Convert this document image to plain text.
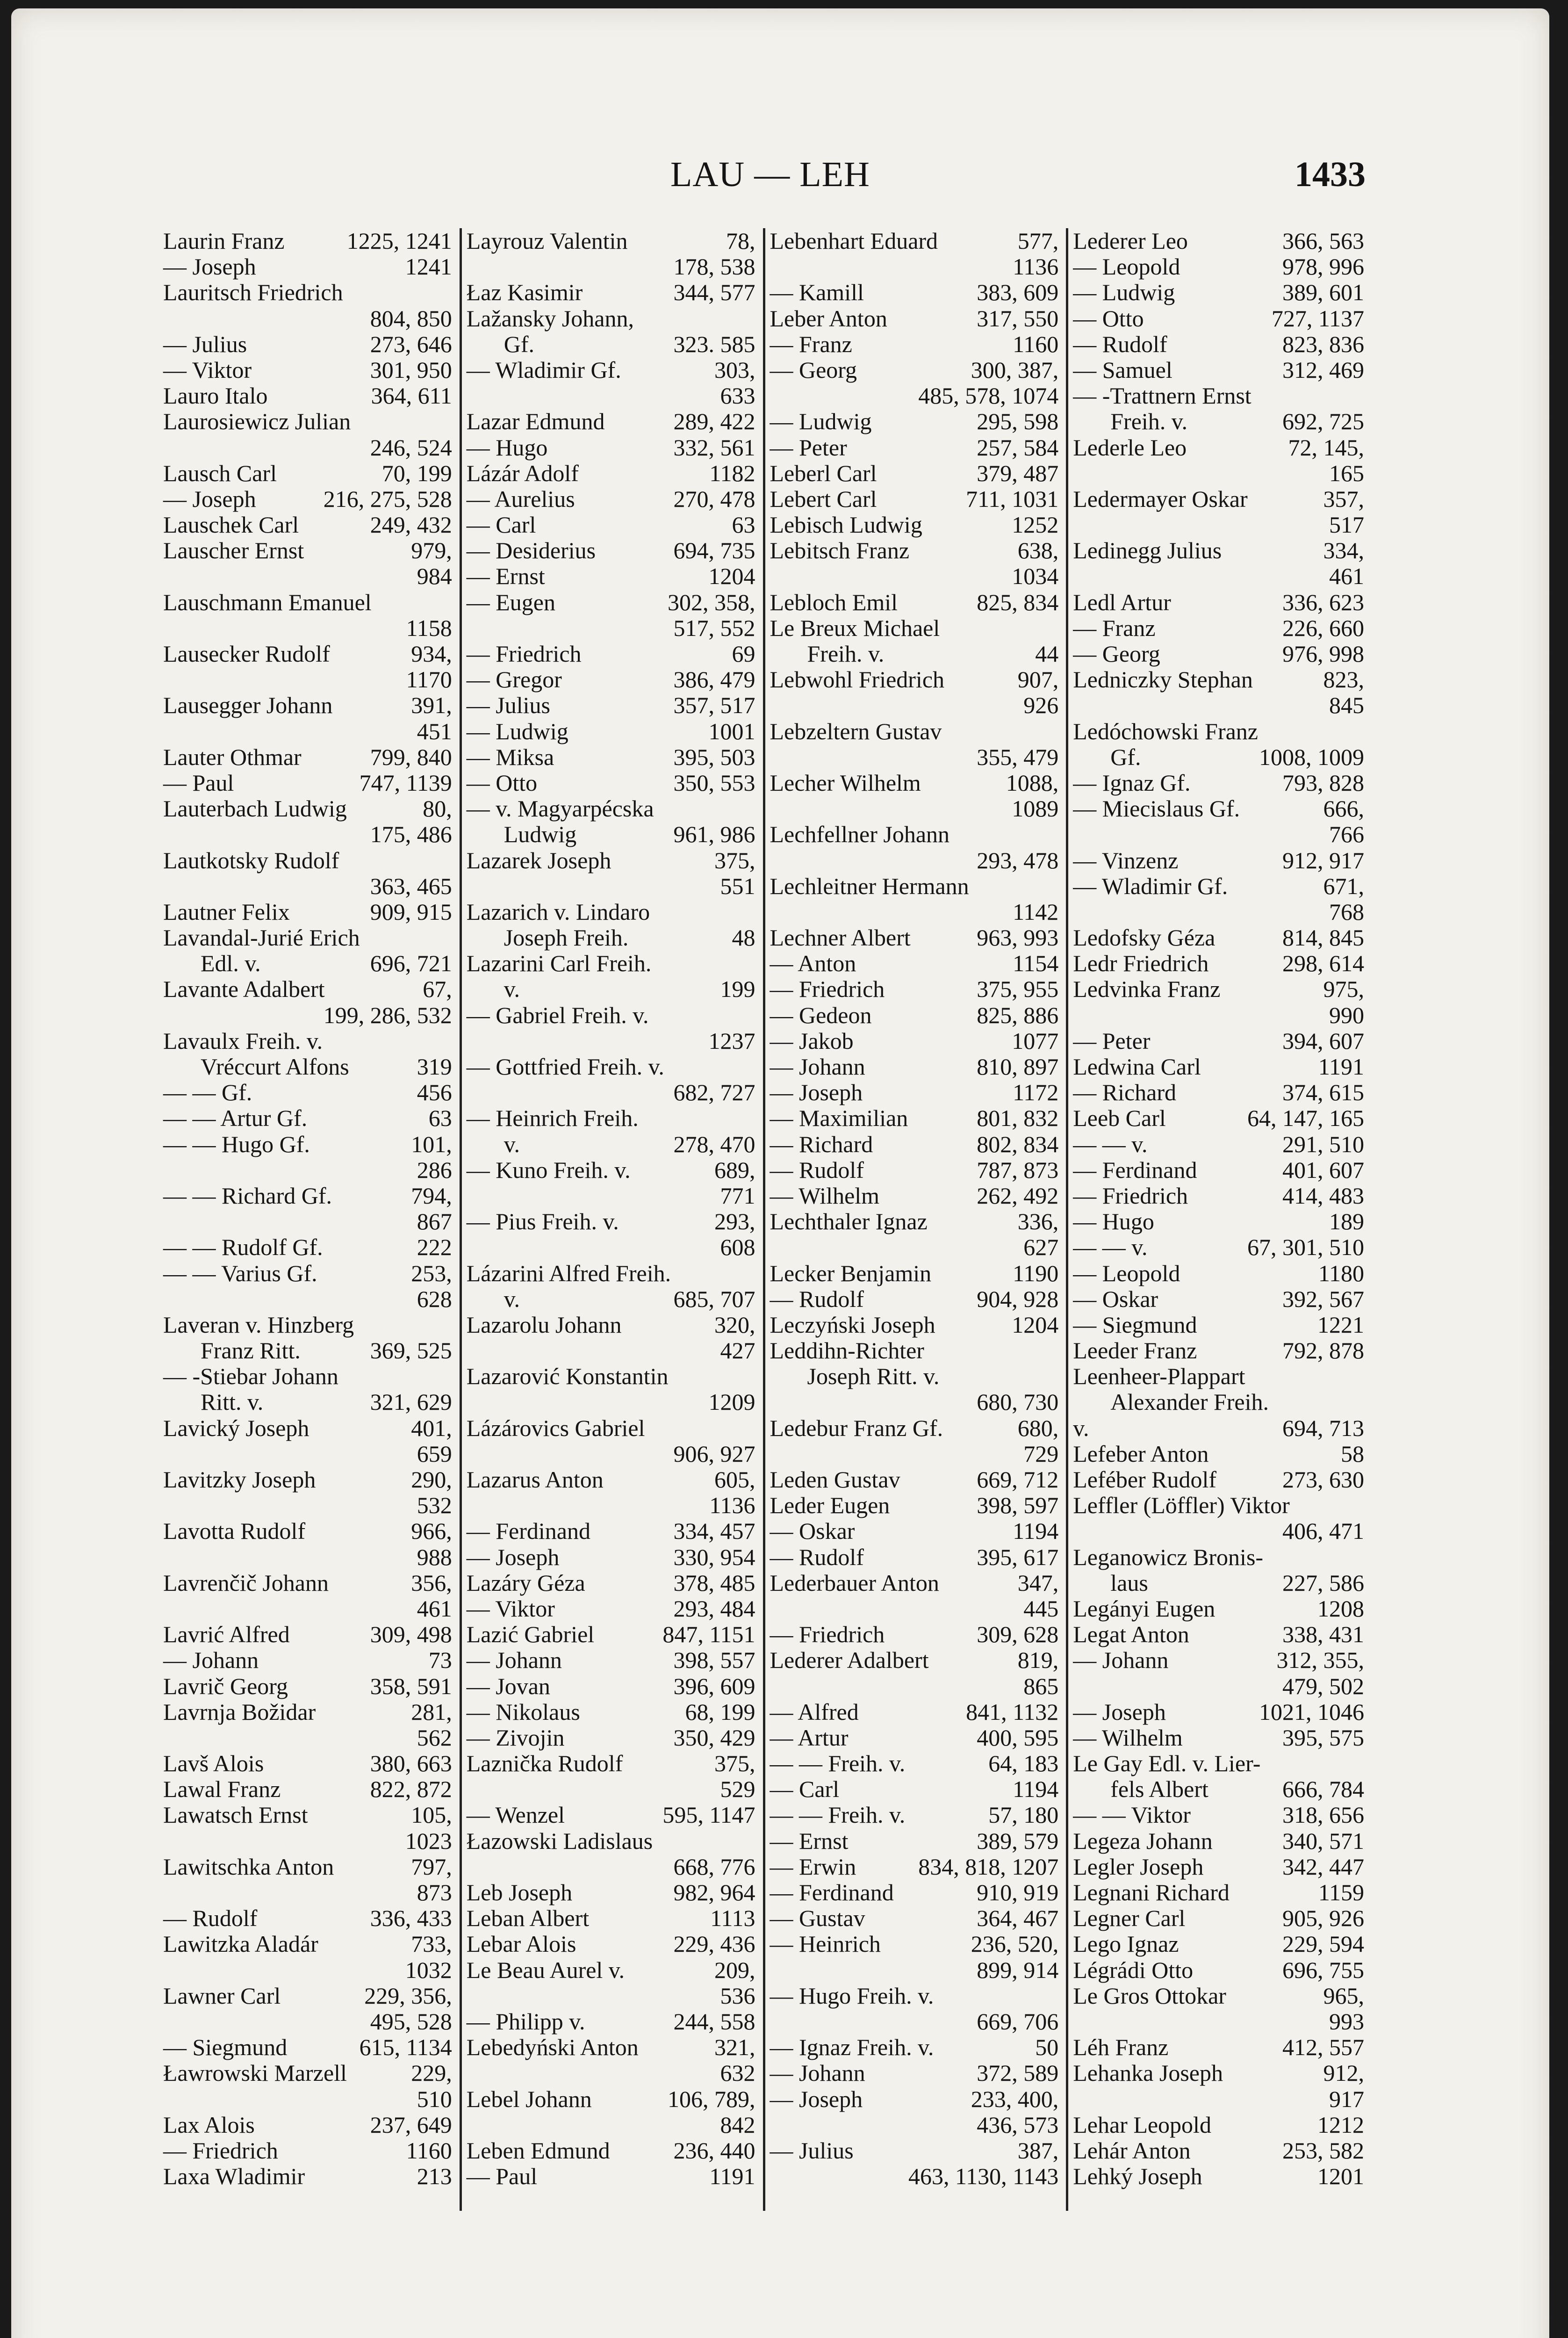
LAU — LEH	1433
Laurin Franz	1225, 1241
— Joseph	1241
Lauritsch Friedrich
804, 850
— Julius	273, 646
— Viktor	301, 950
Lauro Italo	364, 611
Laurosiewicz Julian
246, 524
Lausch Carl	70, 199
— Joseph	216, 275, 528
Lauschek Carl	249, 432
Lauscher Ernst	979,
984
Lauschmann Emanuel
1158
Lausecker Rudolf	934,
1170
Lausegger Johann	391,
451
Lauter Othmar	799, 840
— Paul	747, 1139
Lauterbach Ludwig	80,
175, 486
Lautkotsky Rudolf
363, 465
Lautner Felix	909, 915
Lavandal-Jurié Erich
Edl. v.	696, 721
Lavante Adalbert	67,
199, 286, 532
Lavaulx Freih. v.
Vréccurt Alfons	319
— — Gf.	456
— — Artur Gf.	63
— — Hugo Gf.	101,
286
— — Richard Gf.	794,
867
— — Rudolf Gf.	222
— — Varius Gf.	253,
628
Laveran v. Hinzberg
Franz Ritt.	369, 525
— -Stiebar Johann
Ritt. v.	321, 629
Lavický Joseph	401,
659
Lavitzky Joseph	290,
532
Lavotta Rudolf	966,
988
Lavrenčič Johann	356,
461
Lavrić Alfred	309, 498
— Johann	73
Lavrič Georg	358, 591
Lavrnja Božidar	281,
562
Lavš Alois	380, 663
Lawal Franz	822, 872
Lawatsch Ernst	105,
1023
Lawitschka Anton	797,
873
— Rudolf	336, 433
Lawitzka Aladár	733,
1032
Lawner Carl	229, 356,
495, 528
— Siegmund	615, 1134
Ławrowski Marzell	229,
510
Lax Alois	237, 649
— Friedrich	1160
Laxa Wladimir	213
Layrouz Valentin	78,
178, 538
Łaz Kasimir	344, 577
Lažansky Johann,
Gf.	323. 585
— Wladimir Gf.	303,
633
Lazar Edmund	289, 422
— Hugo	332, 561
Lázár Adolf	1182
— Aurelius	270, 478
— Carl	63
— Desiderius	694, 735
— Ernst	1204
— Eugen	302, 358,
517, 552
— Friedrich	69
— Gregor	386, 479
— Julius	357, 517
— Ludwig	1001
— Miksa	395, 503
— Otto	350, 553
— v. Magyarpécska
Ludwig	961, 986
Lazarek Joseph	375,
551
Lazarich v. Lindaro
Joseph Freih.	48
Lazarini Carl Freih.
v.	199
— Gabriel Freih. v.
1237
— Gottfried Freih. v.
682, 727
— Heinrich Freih.
v.	278, 470
— Kuno Freih. v.	689,
771
— Pius Freih. v.	293,
608
Lázarini Alfred Freih.
v.	685, 707
Lazarolu Johann	320,
427
Lazarović Konstantin
1209
Lázárovics Gabriel
906, 927
Lazarus Anton	605,
1136
— Ferdinand	334, 457
— Joseph	330, 954
Lazáry Géza	378, 485
— Viktor	293, 484
Lazić Gabriel	847, 1151
— Johann	398, 557
— Jovan	396, 609
— Nikolaus	68, 199
— Zivojin	350, 429
Laznička Rudolf	375,
529
— Wenzel	595, 1147
Łazowski Ladislaus
668, 776
Leb Joseph	982, 964
Leban Albert	1113
Lebar Alois	229, 436
Le Beau Aurel v.	209,
536
— Philipp v.	244, 558
Lebedyński Anton	321,
632
Lebel Johann	106, 789,
842
Leben Edmund	236, 440
— Paul	1191
Lebenhart Eduard	577,
1136
— Kamill	383, 609
Leber Anton	317, 550
— Franz	1160
— Georg	300, 387,
485, 578, 1074
— Ludwig	295, 598
— Peter	257, 584
Leberl Carl	379, 487
Lebert Carl	711, 1031
Lebisch Ludwig	1252
Lebitsch Franz	638,
1034
Lebloch Emil	825, 834
Le Breux Michael
Freih. v.	44
Lebwohl Friedrich	907,
926
Lebzeltern Gustav
355, 479
Lecher Wilhelm	1088,
1089
Lechfellner Johann
293, 478
Lechleitner Hermann
1142
Lechner Albert	963, 993
— Anton	1154
— Friedrich	375, 955
— Gedeon	825, 886
— Jakob	1077
— Johann	810, 897
— Joseph	1172
— Maximilian	801, 832
— Richard	802, 834
— Rudolf	787, 873
— Wilhelm	262, 492
Lechthaler Ignaz	336,
627
Lecker Benjamin	1190
— Rudolf	904, 928
Leczyński Joseph	1204
Leddihn-Richter
Joseph Ritt. v.
680, 730
Ledebur Franz Gf.	680,
729
Leden Gustav	669, 712
Leder Eugen	398, 597
— Oskar	1194
— Rudolf	395, 617
Lederbauer Anton	347,
445
— Friedrich	309, 628
Lederer Adalbert	819,
865
— Alfred	841, 1132
— Artur	400, 595
— — Freih. v.	64, 183
— Carl	1194
— — Freih. v.	57, 180
— Ernst	389, 579
— Erwin	834, 818, 1207
— Ferdinand	910, 919
— Gustav	364, 467
— Heinrich	236, 520,
899, 914
— Hugo Freih. v.
669, 706
— Ignaz Freih. v.	50
— Johann	372, 589
— Joseph	233, 400,
436, 573
— Julius	387,
463, 1130, 1143
Lederer Leo	366, 563
— Leopold	978, 996
— Ludwig	389, 601
— Otto	727, 1137
— Rudolf	823, 836
— Samuel	312, 469
— -Trattnern Ernst
Freih. v.	692, 725
Lederle Leo	72, 145,
165
Ledermayer Oskar	357,
517
Ledinegg Julius	334,
461
Ledl Artur	336, 623
— Franz	226, 660
— Georg	976, 998
Ledniczky Stephan	823,
845
Ledóchowski Franz
Gf.	1008, 1009
— Ignaz Gf.	793, 828
— Miecislaus Gf.	666,
766
— Vinzenz	912, 917
— Wladimir Gf.	671,
768
Ledofsky Géza	814, 845
Ledr Friedrich	298, 614
Ledvinka Franz	975,
990
— Peter	394, 607
Ledwina Carl	1191
— Richard	374, 615
Leeb Carl	64, 147, 165
— — v.	291, 510
— Ferdinand	401, 607
— Friedrich	414, 483
— Hugo	189
— — v.	67, 301, 510
— Leopold	1180
— Oskar	392, 567
— Siegmund	1221
Leeder Franz	792, 878
Leenheer-Plappart
Alexander Freih.
v.	694, 713
Lefeber Anton	58
Leféber Rudolf	273, 630
Leffler (Löffler) Viktor
406, 471
Leganowicz Bronis-
laus	227, 586
Legányi Eugen	1208
Legat Anton	338, 431
— Johann	312, 355,
479, 502
— Joseph	1021, 1046
— Wilhelm	395, 575
Le Gay Edl. v. Lier-
fels Albert	666, 784
— — Viktor	318, 656
Legeza Johann	340, 571
Legler Joseph	342, 447
Legnani Richard	1159
Legner Carl	905, 926
Lego Ignaz	229, 594
Légrádi Otto	696, 755
Le Gros Ottokar	965,
993
Léh Franz	412, 557
Lehanka Joseph	912,
917
Lehar Leopold	1212
Lehár Anton	253, 582
Lehký Joseph	1201
